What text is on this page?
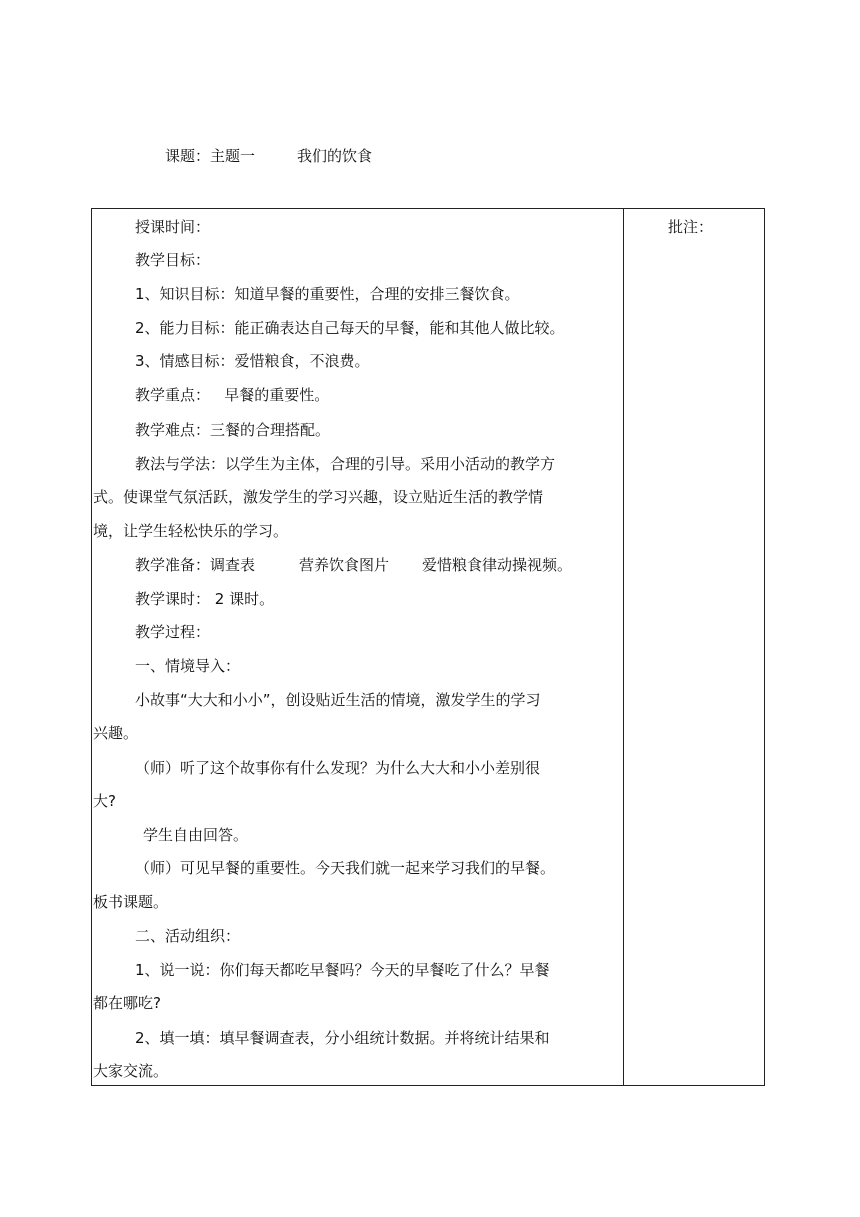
课题：主题一	我们的饮食
批注：
授课时间：
教学目标：
1、知识目标：知道早餐的重要性，合理的安排三餐饮食。
2、能力目标：能正确表达自己每天的早餐，能和其他人做比较。
3、情感目标：爱惜粮食，不浪费。
教学重点：   早餐的重要性。
教学难点：三餐的合理搭配。
教法与学法：以学生为主体，合理的引导。采用小活动的教学方
式。使课堂气氛活跃，激发学生的学习兴趣，设立贴近生活的教学情
境，让学生轻松快乐的学习。
教学准备：调查表	营养饮食图片 爱惜粮食律动操视频。
教学课时： 2 课时。
教学过程：
一、情境导入：
小故事“大大和小小”，创设贴近生活的情境，激发学生的学习
兴趣。
（师）听了这个故事你有什么发现？为什么大大和小小差别很
大?
学生自由回答。
（师）可见早餐的重要性。今天我们就一起来学习我们的早餐。
板书课题。
二、活动组织：
1、说一说：你们每天都吃早餐吗？今天的早餐吃了什么？早餐
都在哪吃?
2、填一填：填早餐调查表，分小组统计数据。并将统计结果和
大家交流。
